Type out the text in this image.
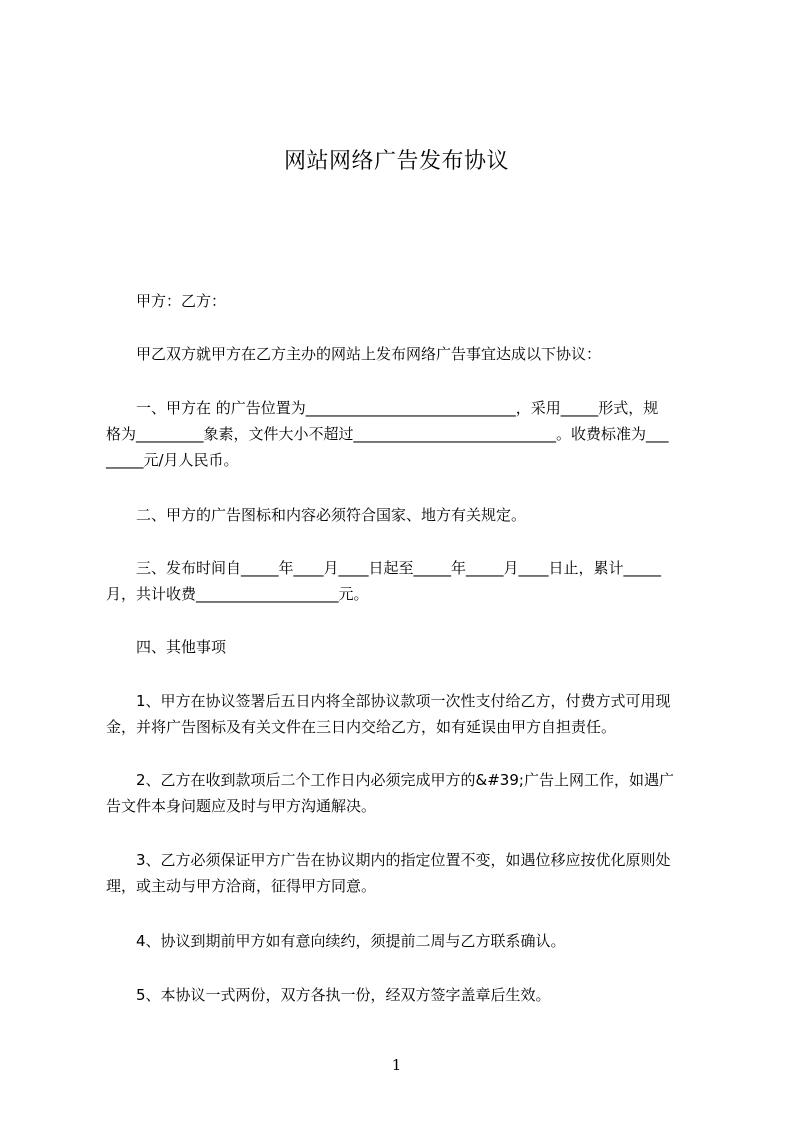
网站网络广告发布协议
甲方：乙方：
甲乙双方就甲方在乙方主办的网站上发布网络广告事宜达成以下协议：
一、甲方在 的广告位置为____________________________，采用_____形式，规
格为_________象素，文件大小不超过___________________________。收费标准为___
_____元/月人民币。
二、甲方的广告图标和内容必须符合国家、地方有关规定。
三、发布时间自_____年____月____日起至_____年_____月____日止，累计_____
月，共计收费___________________元。
四、其他事项
1、甲方在协议签署后五日内将全部协议款项一次性支付给乙方，付费方式可用现
金，并将广告图标及有关文件在三日内交给乙方，如有延误由甲方自担责任。
2、乙方在收到款项后二个工作日内必须完成甲方的&#39;广告上网工作，如遇广
告文件本身问题应及时与甲方沟通解决。
3、乙方必须保证甲方广告在协议期内的指定位置不变，如遇位移应按优化原则处
理，或主动与甲方洽商，征得甲方同意。
4、协议到期前甲方如有意向续约，须提前二周与乙方联系确认。
5、本协议一式两份，双方各执一份，经双方签字盖章后生效。
1
